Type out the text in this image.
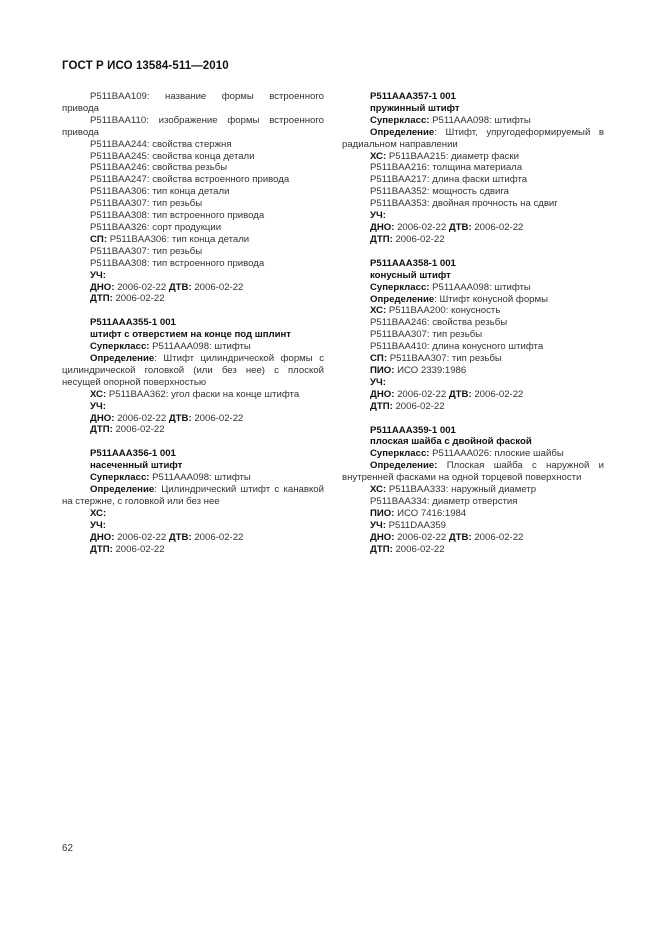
ГОСТ Р ИСО 13584-511—2010

P511BAA109: название формы встроенного привода

P511BAA110: изображение формы встроенного привода

P511BAA244: свойства стержня

P511BAA245: свойства конца детали

P511BAA246: свойства резьбы

P511BAA247: свойства встроенного привода

P511BAA306: тип конца детали

P511BAA307: тип резьбы

P511BAA308: тип встроенного привода

P511BAA326: сорт продукции

СП: P511BAA306: тип конца детали

P511BAA307: тип резьбы

P511BAA308: тип встроенного привода

УЧ:

ДНО: 2006-02-22 ДТВ: 2006-02-22

ДТП: 2006-02-22

P511AAA355-1 001

штифт с отверстием на конце под шплинт

Суперкласс: P511AAA098: штифты

Определение: Штифт цилиндрической формы с цилиндрической головкой (или без нее) с плоской несущей опорной поверхностью

ХС: P511BAA362: угол фаски на конце штифта

УЧ:

ДНО: 2006-02-22 ДТВ: 2006-02-22

ДТП: 2006-02-22

P511AAA356-1 001

насеченный штифт

Суперкласс: P511AAA098: штифты

Определение: Цилиндрический штифт с канавкой на стержне, с головкой или без нее

ХС:

УЧ:

ДНО: 2006-02-22 ДТВ: 2006-02-22

ДТП: 2006-02-22

P511AAA357-1 001

пружинный штифт

Суперкласс: P511AAA098: штифты

Определение: Штифт, упругодеформируемый в радиальном направлении

ХС: P511BAA215: диаметр фаски

P511BAA216: толщина материала

P511BAA217: длина фаски штифта

P511BAA352: мощность сдвига

P511BAA353: двойная прочность на сдвиг

УЧ:

ДНО: 2006-02-22 ДТВ: 2006-02-22

ДТП: 2006-02-22

P511AAA358-1 001

конусный штифт

Суперкласс: P511AAA098: штифты

Определение: Штифт конусной формы

ХС: P511BAA200: конусность

P511BAA246: свойства резьбы

P511BAA307: тип резьбы

P511BAA410: длина конусного штифта

СП: P511BAA307: тип резьбы

ПИО: ИСО 2339:1986

УЧ:

ДНО: 2006-02-22 ДТВ: 2006-02-22

ДТП: 2006-02-22

P511AAA359-1 001

плоская шайба с двойной фаской

Суперкласс: P511AAA026: плоские шайбы

Определение: Плоская шайба с наружной и внутренней фасками на одной торцевой поверхности

ХС: P511BAA333: наружный диаметр

P511BAA334: диаметр отверстия

ПИО: ИСО 7416:1984

УЧ: P511DAA359

ДНО: 2006-02-22 ДТВ: 2006-02-22

ДТП: 2006-02-22

62
